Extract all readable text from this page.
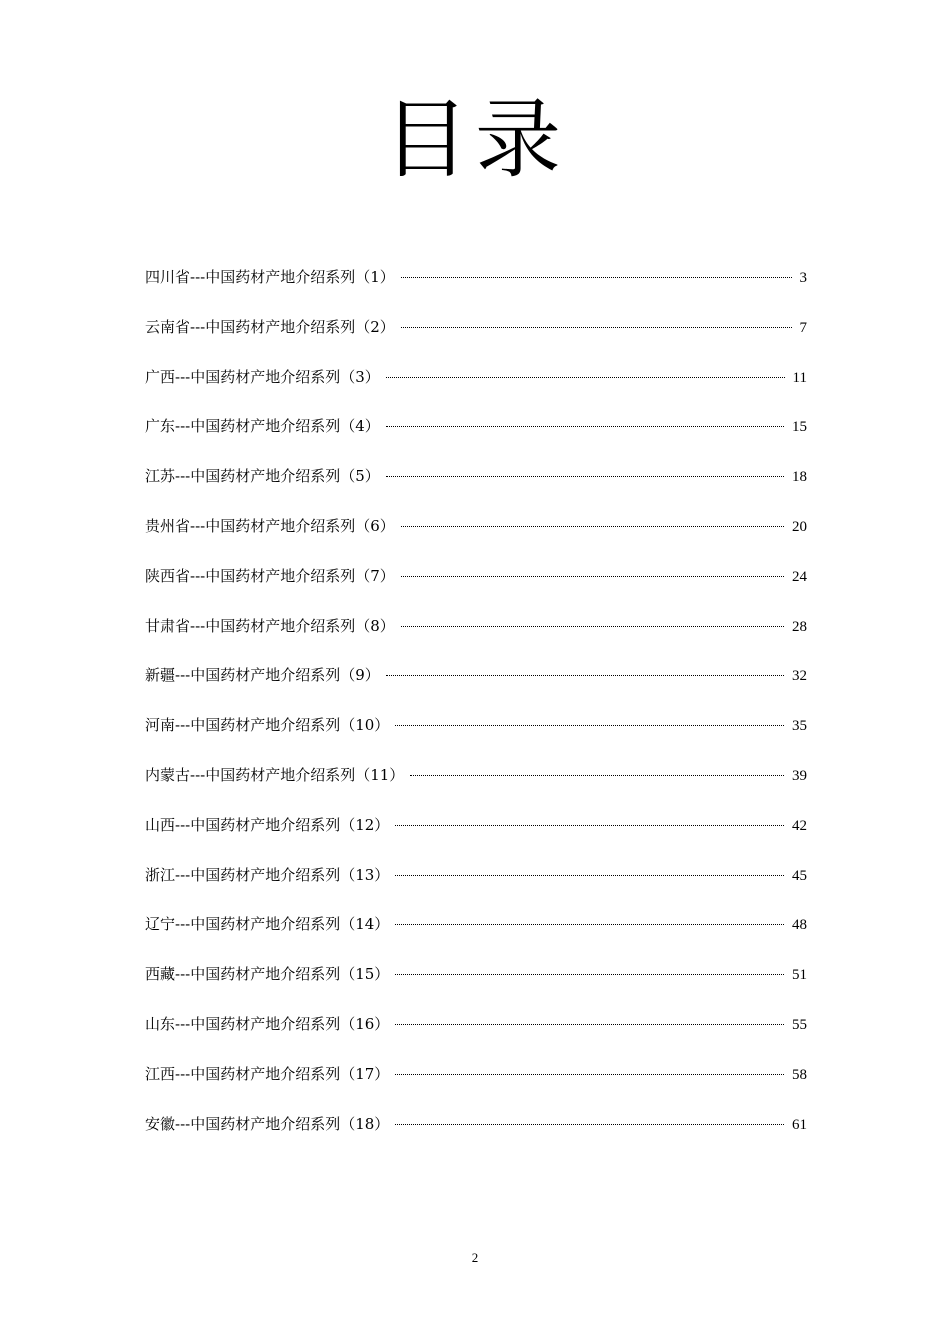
目录
四川省---中国药材产地介绍系列（1）	3
云南省---中国药材产地介绍系列（2）	7
广西---中国药材产地介绍系列（3）	11
广东---中国药材产地介绍系列（4）	15
江苏---中国药材产地介绍系列（5）	18
贵州省---中国药材产地介绍系列（6）	20
陕西省---中国药材产地介绍系列（7）	24
甘肃省---中国药材产地介绍系列（8）	28
新疆---中国药材产地介绍系列（9）	32
河南---中国药材产地介绍系列（10）	35
内蒙古---中国药材产地介绍系列（11）	39
山西---中国药材产地介绍系列（12）	42
浙江---中国药材产地介绍系列（13）	45
辽宁---中国药材产地介绍系列（14）	48
西藏---中国药材产地介绍系列（15）	51
山东---中国药材产地介绍系列（16）	55
江西---中国药材产地介绍系列（17）	58
安徽---中国药材产地介绍系列（18）	61
2
